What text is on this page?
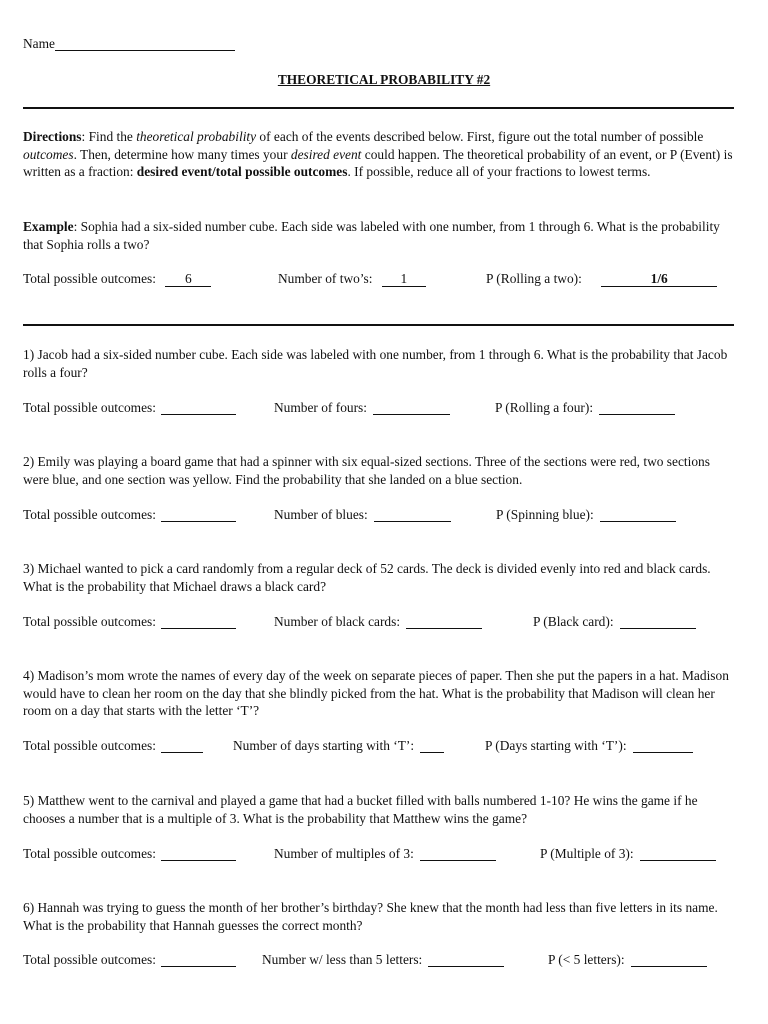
Name
THEORETICAL PROBABILITY #2
Directions: Find the theoretical probability of each of the events described below. First, figure out the total number of possible outcomes. Then, determine how many times your desired event could happen. The theoretical probability of an event, or P (Event) is written as a fraction: desired event/total possible outcomes. If possible, reduce all of your fractions to lowest terms.
Example: Sophia had a six-sided number cube. Each side was labeled with one number, from 1 through 6. What is the probability that Sophia rolls a two?
Total possible outcomes: 6	Number of two’s: 1	P (Rolling a two):	1/6
1) Jacob had a six-sided number cube. Each side was labeled with one number, from 1 through 6. What is the probability that Jacob rolls a four?
Total possible outcomes:	Number of fours:	P (Rolling a four):
2) Emily was playing a board game that had a spinner with six equal-sized sections. Three of the sections were red, two sections were blue, and one section was yellow. Find the probability that she landed on a blue section.
Total possible outcomes:	Number of blues:	P (Spinning blue):
3) Michael wanted to pick a card randomly from a regular deck of 52 cards. The deck is divided evenly into red and black cards. What is the probability that Michael draws a black card?
Total possible outcomes:	Number of black cards:	P (Black card):
4) Madison’s mom wrote the names of every day of the week on separate pieces of paper. Then she put the papers in a hat. Madison would have to clean her room on the day that she blindly picked from the hat. What is the probability that Madison will clean her room on a day that starts with the letter ‘T’?
Total possible outcomes:	Number of days starting with ‘T’:	P (Days starting with ‘T’):
5) Matthew went to the carnival and played a game that had a bucket filled with balls numbered 1-10? He wins the game if he chooses a number that is a multiple of 3. What is the probability that Matthew wins the game?
Total possible outcomes:	Number of multiples of 3:	P (Multiple of 3):
6) Hannah was trying to guess the month of her brother’s birthday? She knew that the month had less than five letters in its name. What is the probability that Hannah guesses the correct month?
Total possible outcomes:	Number w/ less than 5 letters:	P (< 5 letters):
